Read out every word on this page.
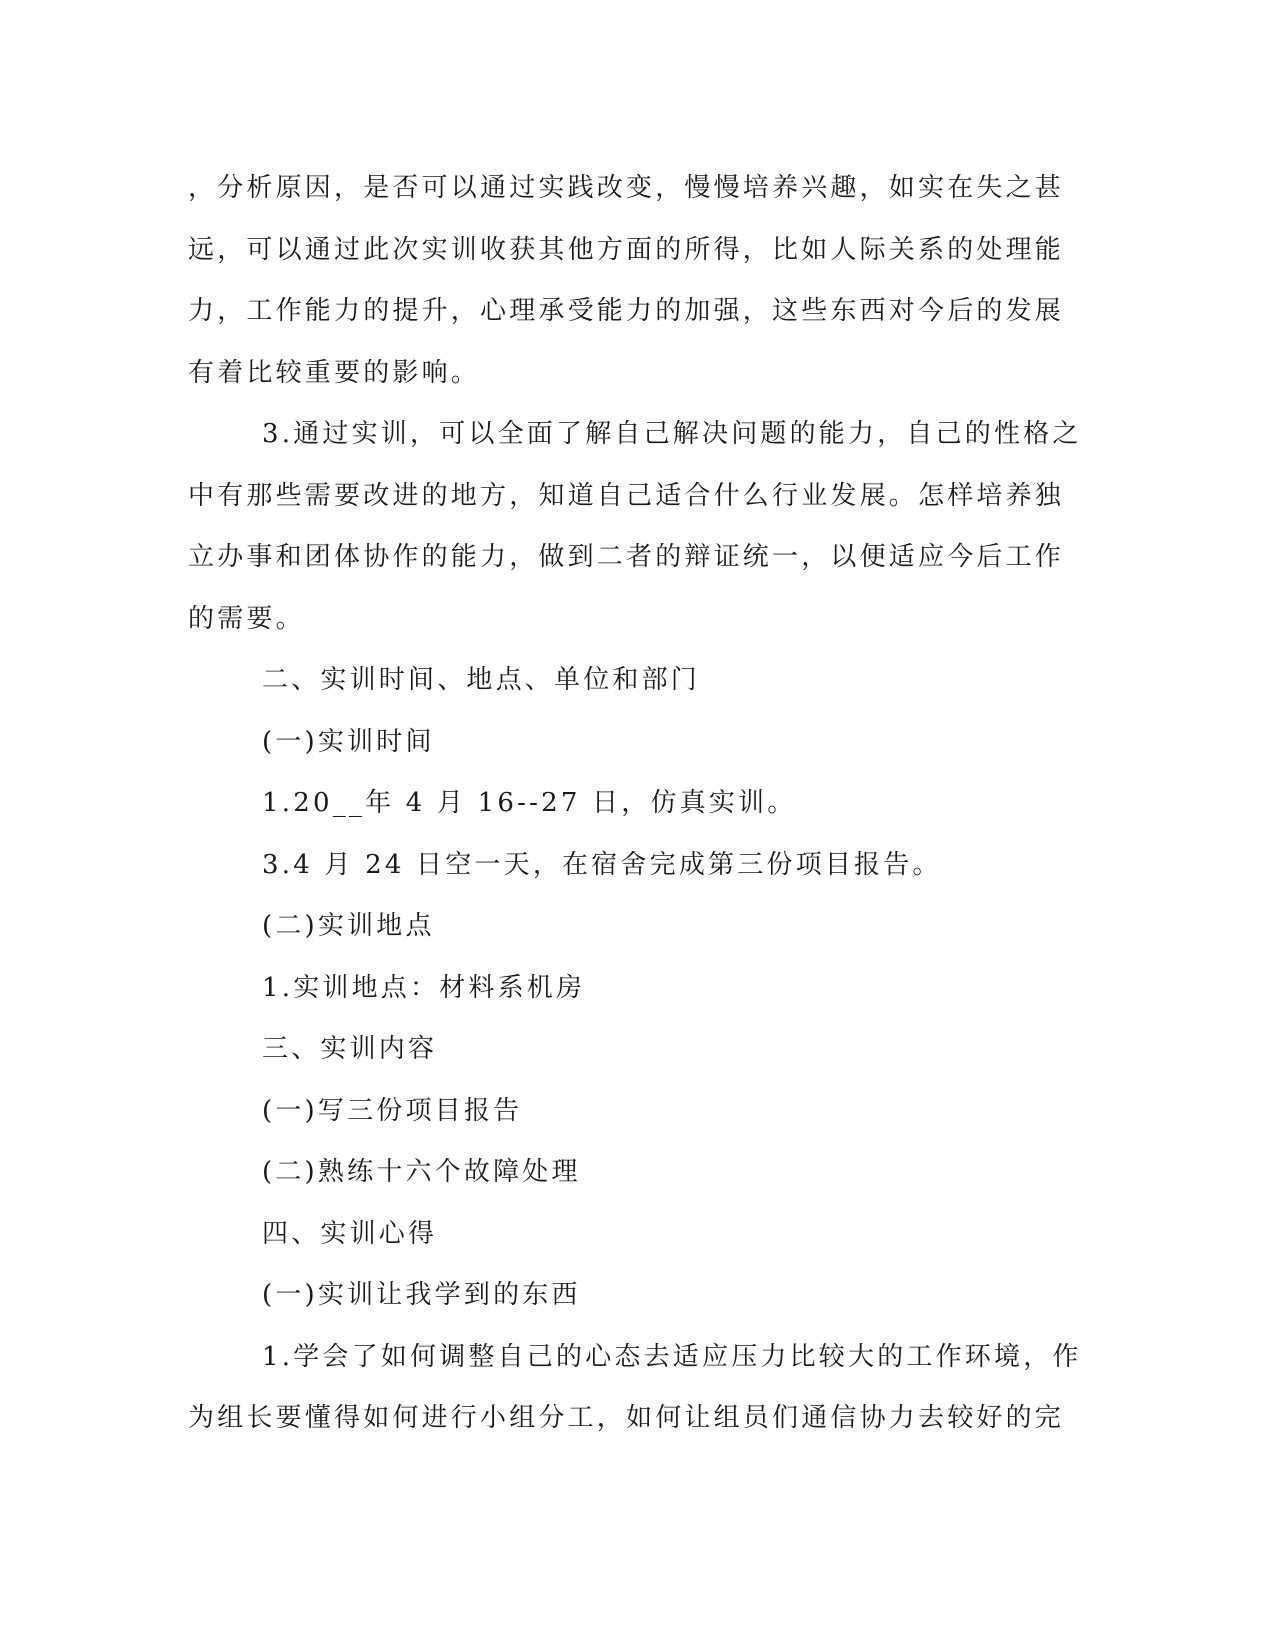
，分析原因，是否可以通过实践改变，慢慢培养兴趣，如实在失之甚
远，可以通过此次实训收获其他方面的所得，比如人际关系的处理能
力，工作能力的提升，心理承受能力的加强，这些东西对今后的发展
有着比较重要的影响。
3.通过实训，可以全面了解自己解决问题的能力，自己的性格之
中有那些需要改进的地方，知道自己适合什么行业发展。怎样培养独
立办事和团体协作的能力，做到二者的辩证统一，以便适应今后工作
的需要。
二、实训时间、地点、单位和部门
(一)实训时间
1.20__年 4 月 16--27 日，仿真实训。
3.4 月 24 日空一天，在宿舍完成第三份项目报告。
(二)实训地点
1.实训地点：材料系机房
三、实训内容
(一)写三份项目报告
(二)熟练十六个故障处理
四、实训心得
(一)实训让我学到的东西
1.学会了如何调整自己的心态去适应压力比较大的工作环境，作
为组长要懂得如何进行小组分工，如何让组员们通信协力去较好的完
